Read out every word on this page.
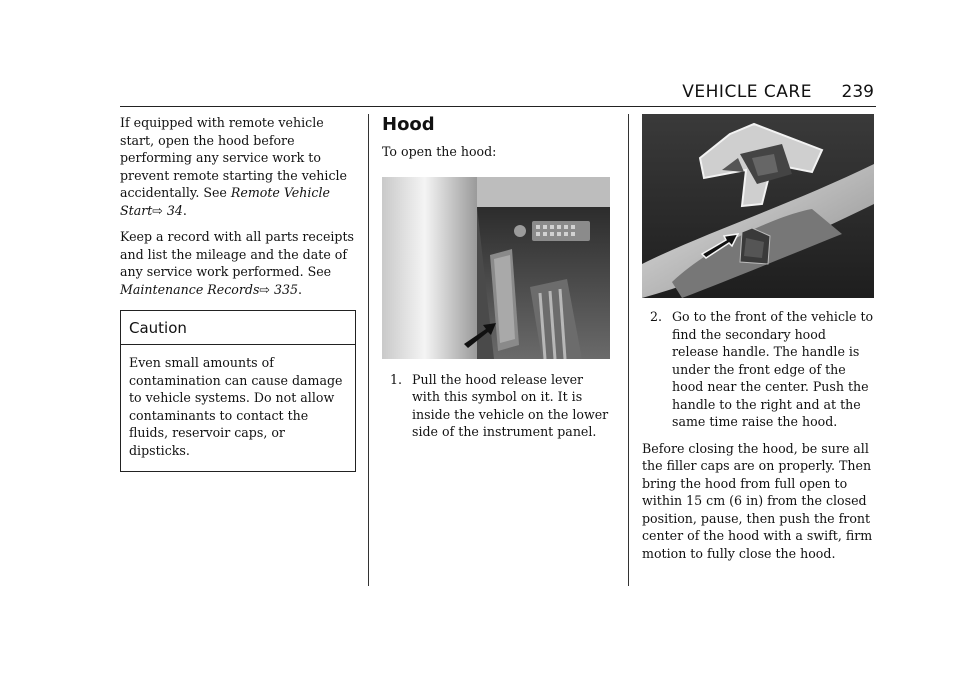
VEHICLE CARE 239

If equipped with remote vehicle start, open the hood before performing any service work to prevent remote starting the vehicle accidentally. See Remote Vehicle Start⇨ 34.

Keep a record with all parts receipts and list the mileage and the date of any service work performed. See Maintenance Records⇨ 335.

Caution

Even small amounts of contamination can cause damage to vehicle systems. Do not allow contaminants to contact the fluids, reservoir caps, or dipsticks.

Hood

To open the hood:

1. Pull the hood release lever with this symbol on it. It is inside the vehicle on the lower side of the instrument panel.
2. Go to the front of the vehicle to find the secondary hood release handle. The handle is under the front edge of the hood near the center. Push the handle to the right and at the same time raise the hood.

Before closing the hood, be sure all the filler caps are on properly. Then bring the hood from full open to within 15 cm (6 in) from the closed position, pause, then push the front center of the hood with a swift, firm motion to fully close the hood.
